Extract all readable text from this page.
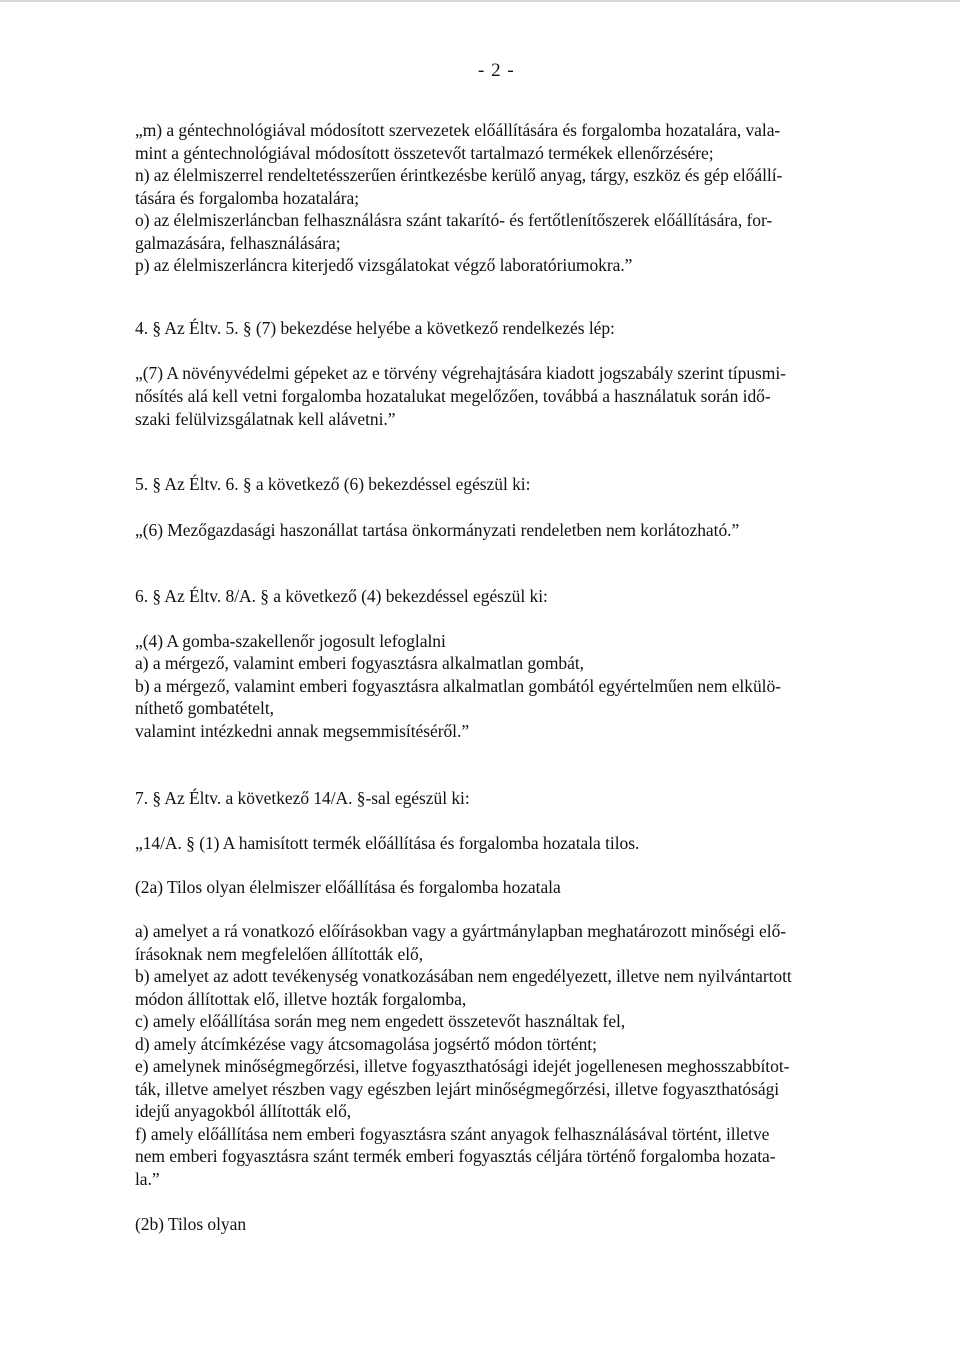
- 2 -
„m) a géntechnológiával módosított szervezetek előállítására és forgalomba hozatalára, vala-
mint a géntechnológiával módosított összetevőt tartalmazó termékek ellenőrzésére;
n) az élelmiszerrel rendeltetésszerűen érintkezésbe kerülő anyag, tárgy, eszköz és gép előállí-
tására és forgalomba hozatalára;
o) az élelmiszerláncban felhasználásra szánt takarító- és fertőtlenítőszerek előállítására, for-
galmazására, felhasználására;
p) az élelmiszerláncra kiterjedő vizsgálatokat végző laboratóriumokra.”
4. § Az Éltv. 5. § (7) bekezdése helyébe a következő rendelkezés lép:
„(7) A növényvédelmi gépeket az e törvény végrehajtására kiadott jogszabály szerint típusmi-
nősítés alá kell vetni forgalomba hozatalukat megelőzően, továbbá a használatuk során idő-
szaki felülvizsgálatnak kell alávetni.”
5. § Az Éltv. 6. § a következő (6) bekezdéssel egészül ki:
„(6) Mezőgazdasági haszonállat tartása önkormányzati rendeletben nem korlátozható.”
6. § Az Éltv. 8/A. § a következő (4) bekezdéssel egészül ki:
„(4) A gomba-szakellenőr jogosult lefoglalni
a) a mérgező, valamint emberi fogyasztásra alkalmatlan gombát,
b) a mérgező, valamint emberi fogyasztásra alkalmatlan gombától egyértelműen nem elkülö-
níthető gombatételt,
valamint intézkedni annak megsemmisítéséről.”
7. § Az Éltv. a következő 14/A. §-sal egészül ki:
„14/A. § (1) A hamisított termék előállítása és forgalomba hozatala tilos.
(2a) Tilos olyan élelmiszer előállítása és forgalomba hozatala
a) amelyet a rá vonatkozó előírásokban vagy a gyártmánylapban meghatározott minőségi elő-
írásoknak nem megfelelően állították elő,
b) amelyet az adott tevékenység vonatkozásában nem engedélyezett, illetve nem nyilvántartott
módon állítottak elő, illetve hozták forgalomba,
c) amely előállítása során meg nem engedett összetevőt használtak fel,
d) amely átcímkézése vagy átcsomagolása jogsértő módon történt;
e) amelynek minőségmegőrzési, illetve fogyaszthatósági idejét jogellenesen meghosszabbítot-
ták, illetve amelyet részben vagy egészben lejárt minőségmegőrzési, illetve fogyaszthatósági
idejű anyagokból állították elő,
f) amely előállítása nem emberi fogyasztásra szánt anyagok felhasználásával történt, illetve
nem emberi fogyasztásra szánt termék emberi fogyasztás céljára történő forgalomba hozata-
la.”
(2b) Tilos olyan
